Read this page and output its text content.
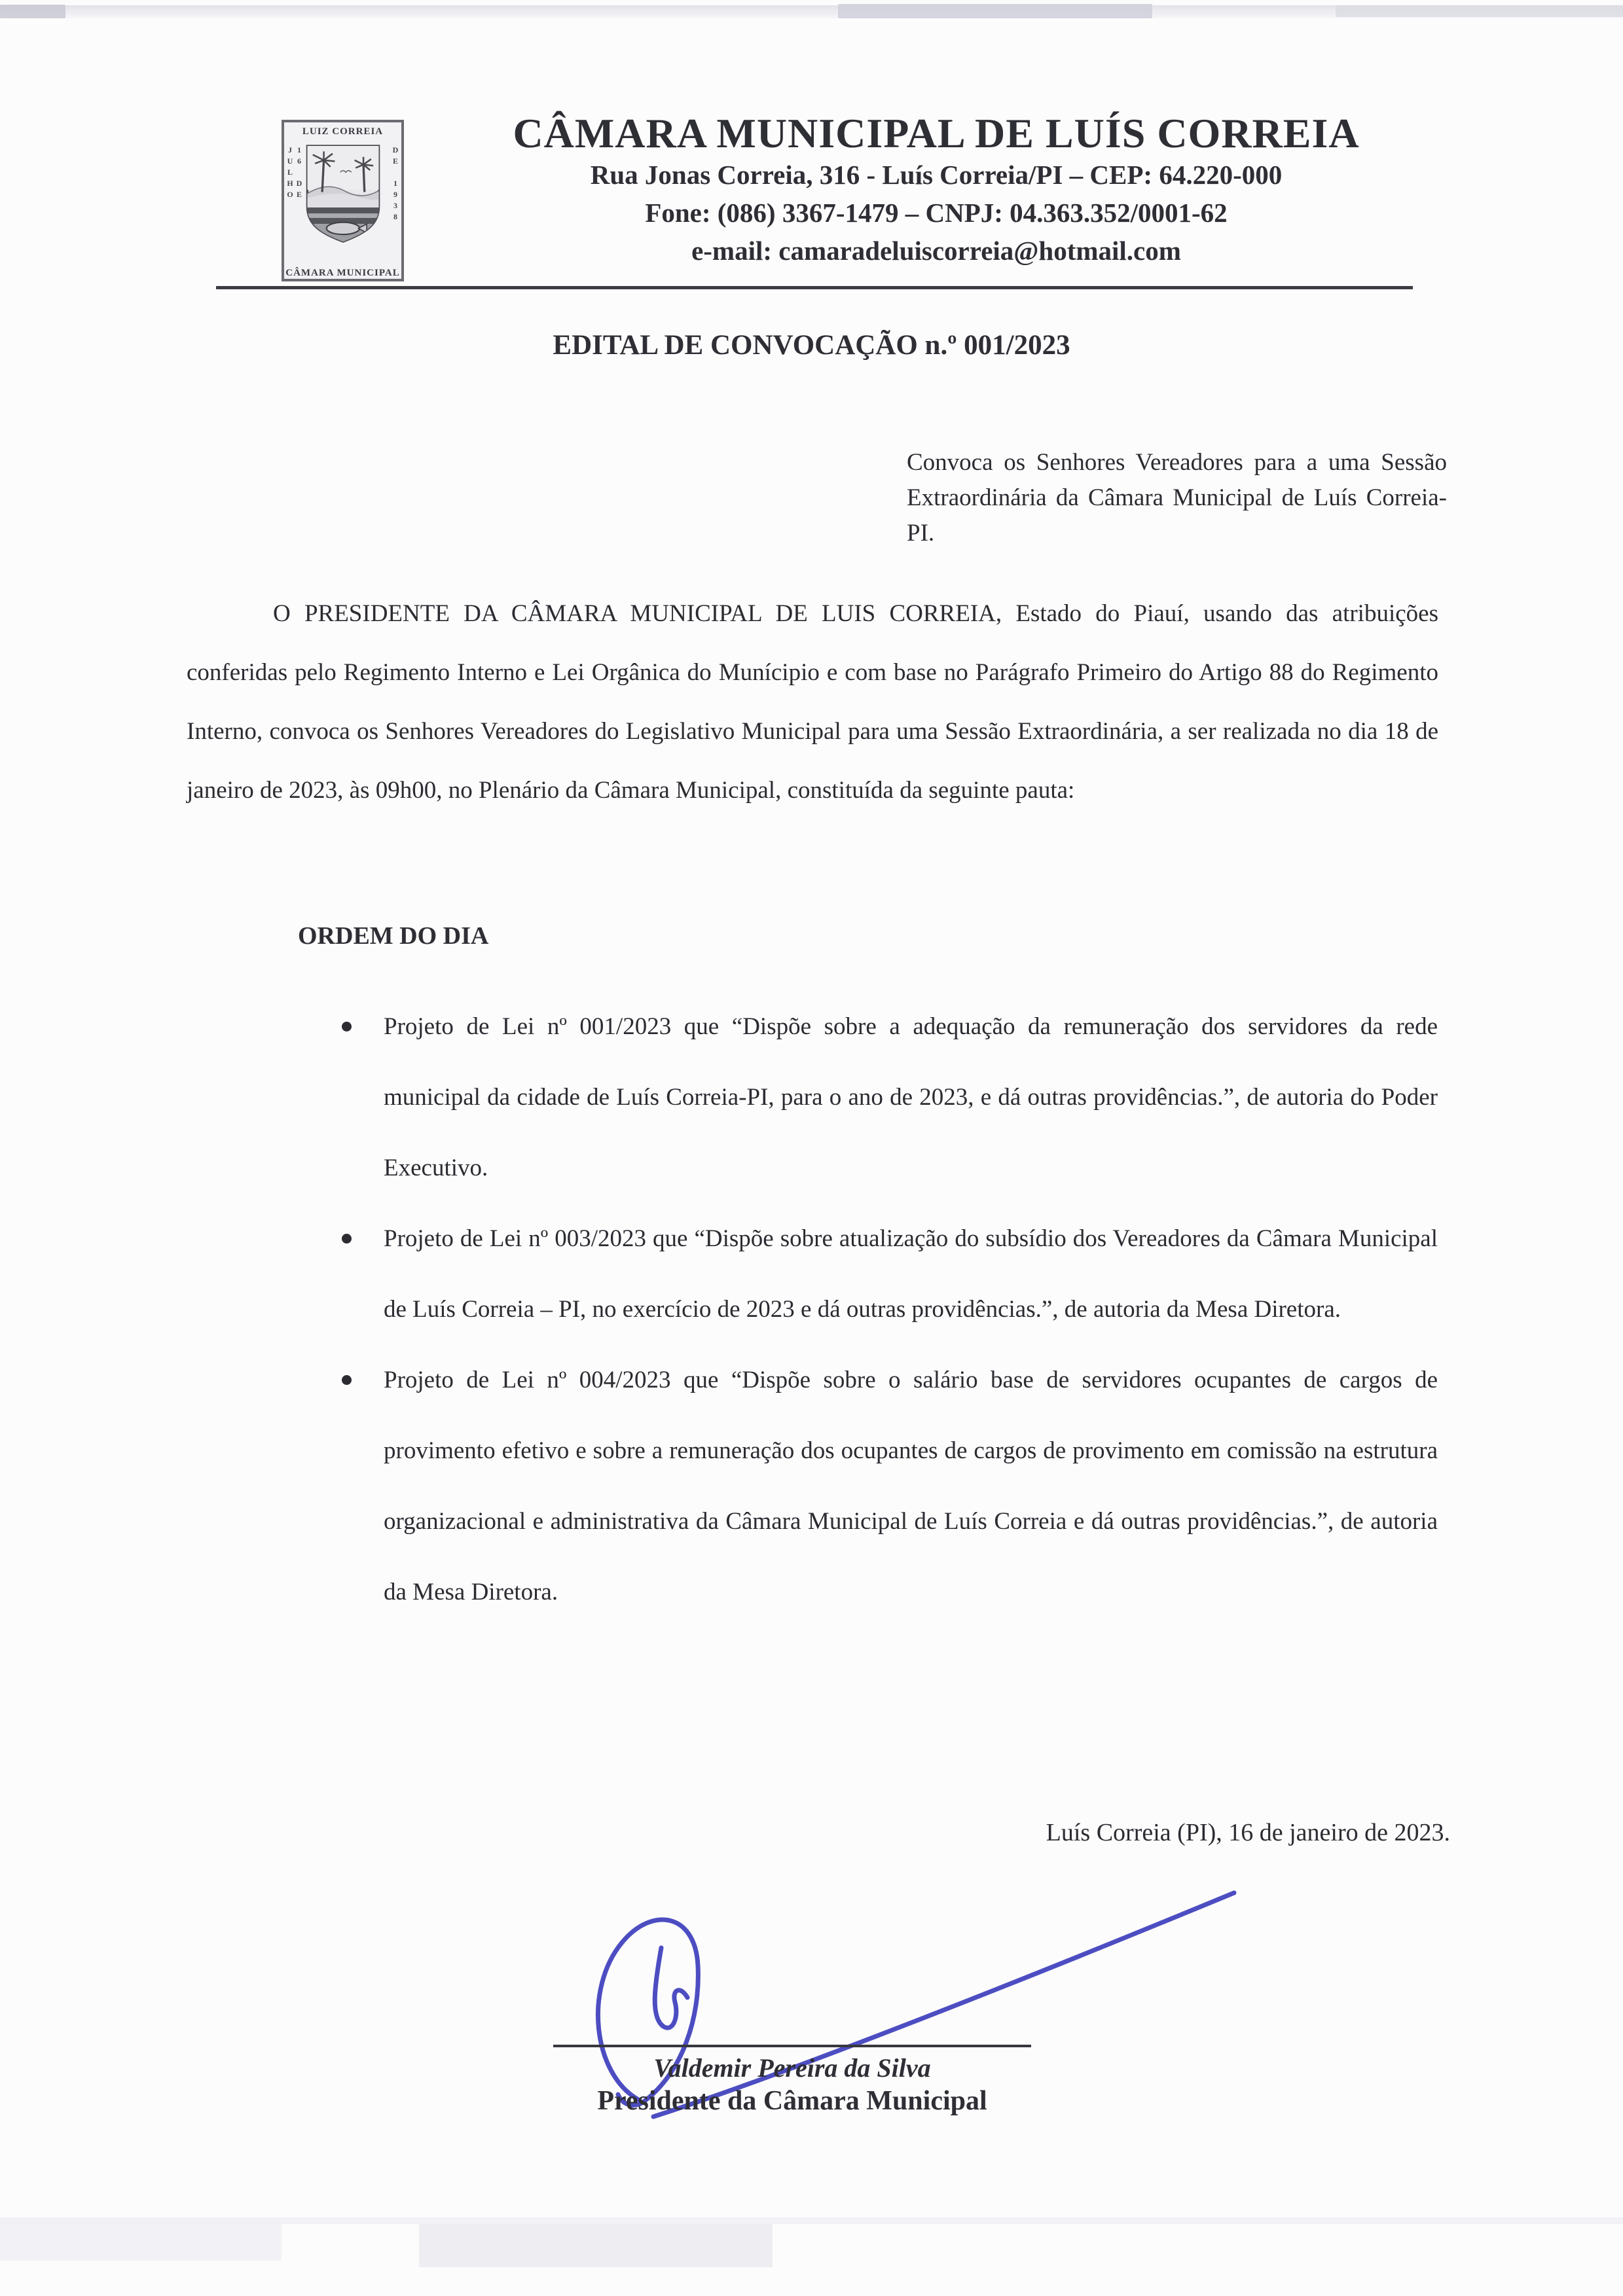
LUIZ CORREIA
16 DE JULHO	DE 1938
CÂMARA MUNICIPAL
CÂMARA MUNICIPAL DE LUÍS CORREIA
Rua Jonas Correia, 316 - Luís Correia/PI – CEP: 64.220-000
Fone: (086) 3367-1479 – CNPJ: 04.363.352/0001-62
e-mail: camaradeluiscorreia@hotmail.com
EDITAL DE CONVOCAÇÃO n.º 001/2023
Convoca os Senhores Vereadores para a uma Sessão Extraordinária da Câmara Municipal de Luís Correia-PI.
O PRESIDENTE DA CÂMARA MUNICIPAL DE LUIS CORREIA, Estado do Piauí, usando das atribuições conferidas pelo Regimento Interno e Lei Orgânica do Munícipio e com base no Parágrafo Primeiro do Artigo 88 do Regimento Interno, convoca os Senhores Vereadores do Legislativo Municipal para uma Sessão Extraordinária, a ser realizada no dia 18 de janeiro de 2023, às 09h00, no Plenário da Câmara Municipal, constituída da seguinte pauta:
ORDEM DO DIA
Projeto de Lei nº 001/2023 que “Dispõe sobre a adequação da remuneração dos servidores da rede municipal da cidade de Luís Correia-PI, para o ano de 2023, e dá outras providências.”, de autoria do Poder Executivo.
Projeto de Lei nº 003/2023 que “Dispõe sobre atualização do subsídio dos Vereadores da Câmara Municipal de Luís Correia – PI, no exercício de 2023 e dá outras providências.”, de autoria da Mesa Diretora.
Projeto de Lei nº 004/2023 que “Dispõe sobre o salário base de servidores ocupantes de cargos de provimento efetivo e sobre a remuneração dos ocupantes de cargos de provimento em comissão na estrutura organizacional e administrativa da Câmara Municipal de Luís Correia e dá outras providências.”, de autoria da Mesa Diretora.
Luís Correia (PI), 16 de janeiro de 2023.
Valdemir Pereira da Silva
Presidente da Câmara Municipal
